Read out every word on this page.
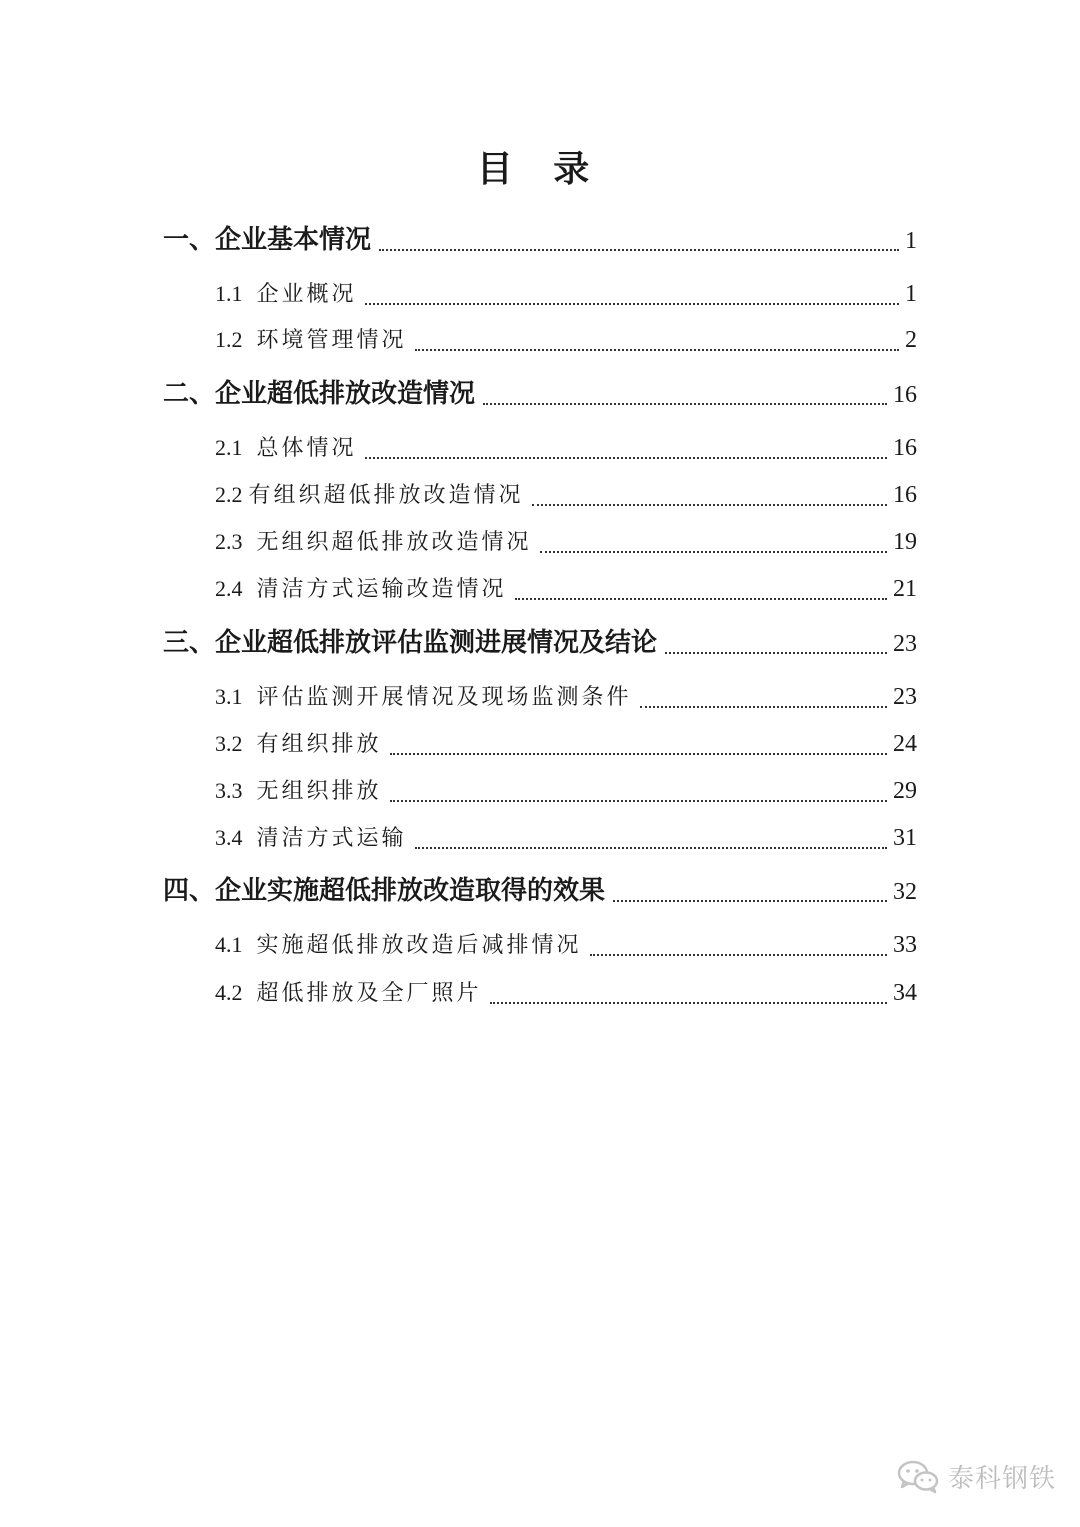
目 录
一、企业基本情况	1
1.1 企业概况	1
1.2 环境管理情况	2
二、企业超低排放改造情况	16
2.1 总体情况	16
2.2 有组织超低排放改造情况	16
2.3 无组织超低排放改造情况	19
2.4 清洁方式运输改造情况	21
三、企业超低排放评估监测进展情况及结论	23
3.1 评估监测开展情况及现场监测条件	23
3.2 有组织排放	24
3.3 无组织排放	29
3.4 清洁方式运输	31
四、企业实施超低排放改造取得的效果	32
4.1 实施超低排放改造后减排情况	33
4.2 超低排放及全厂照片	34
泰科钢铁
